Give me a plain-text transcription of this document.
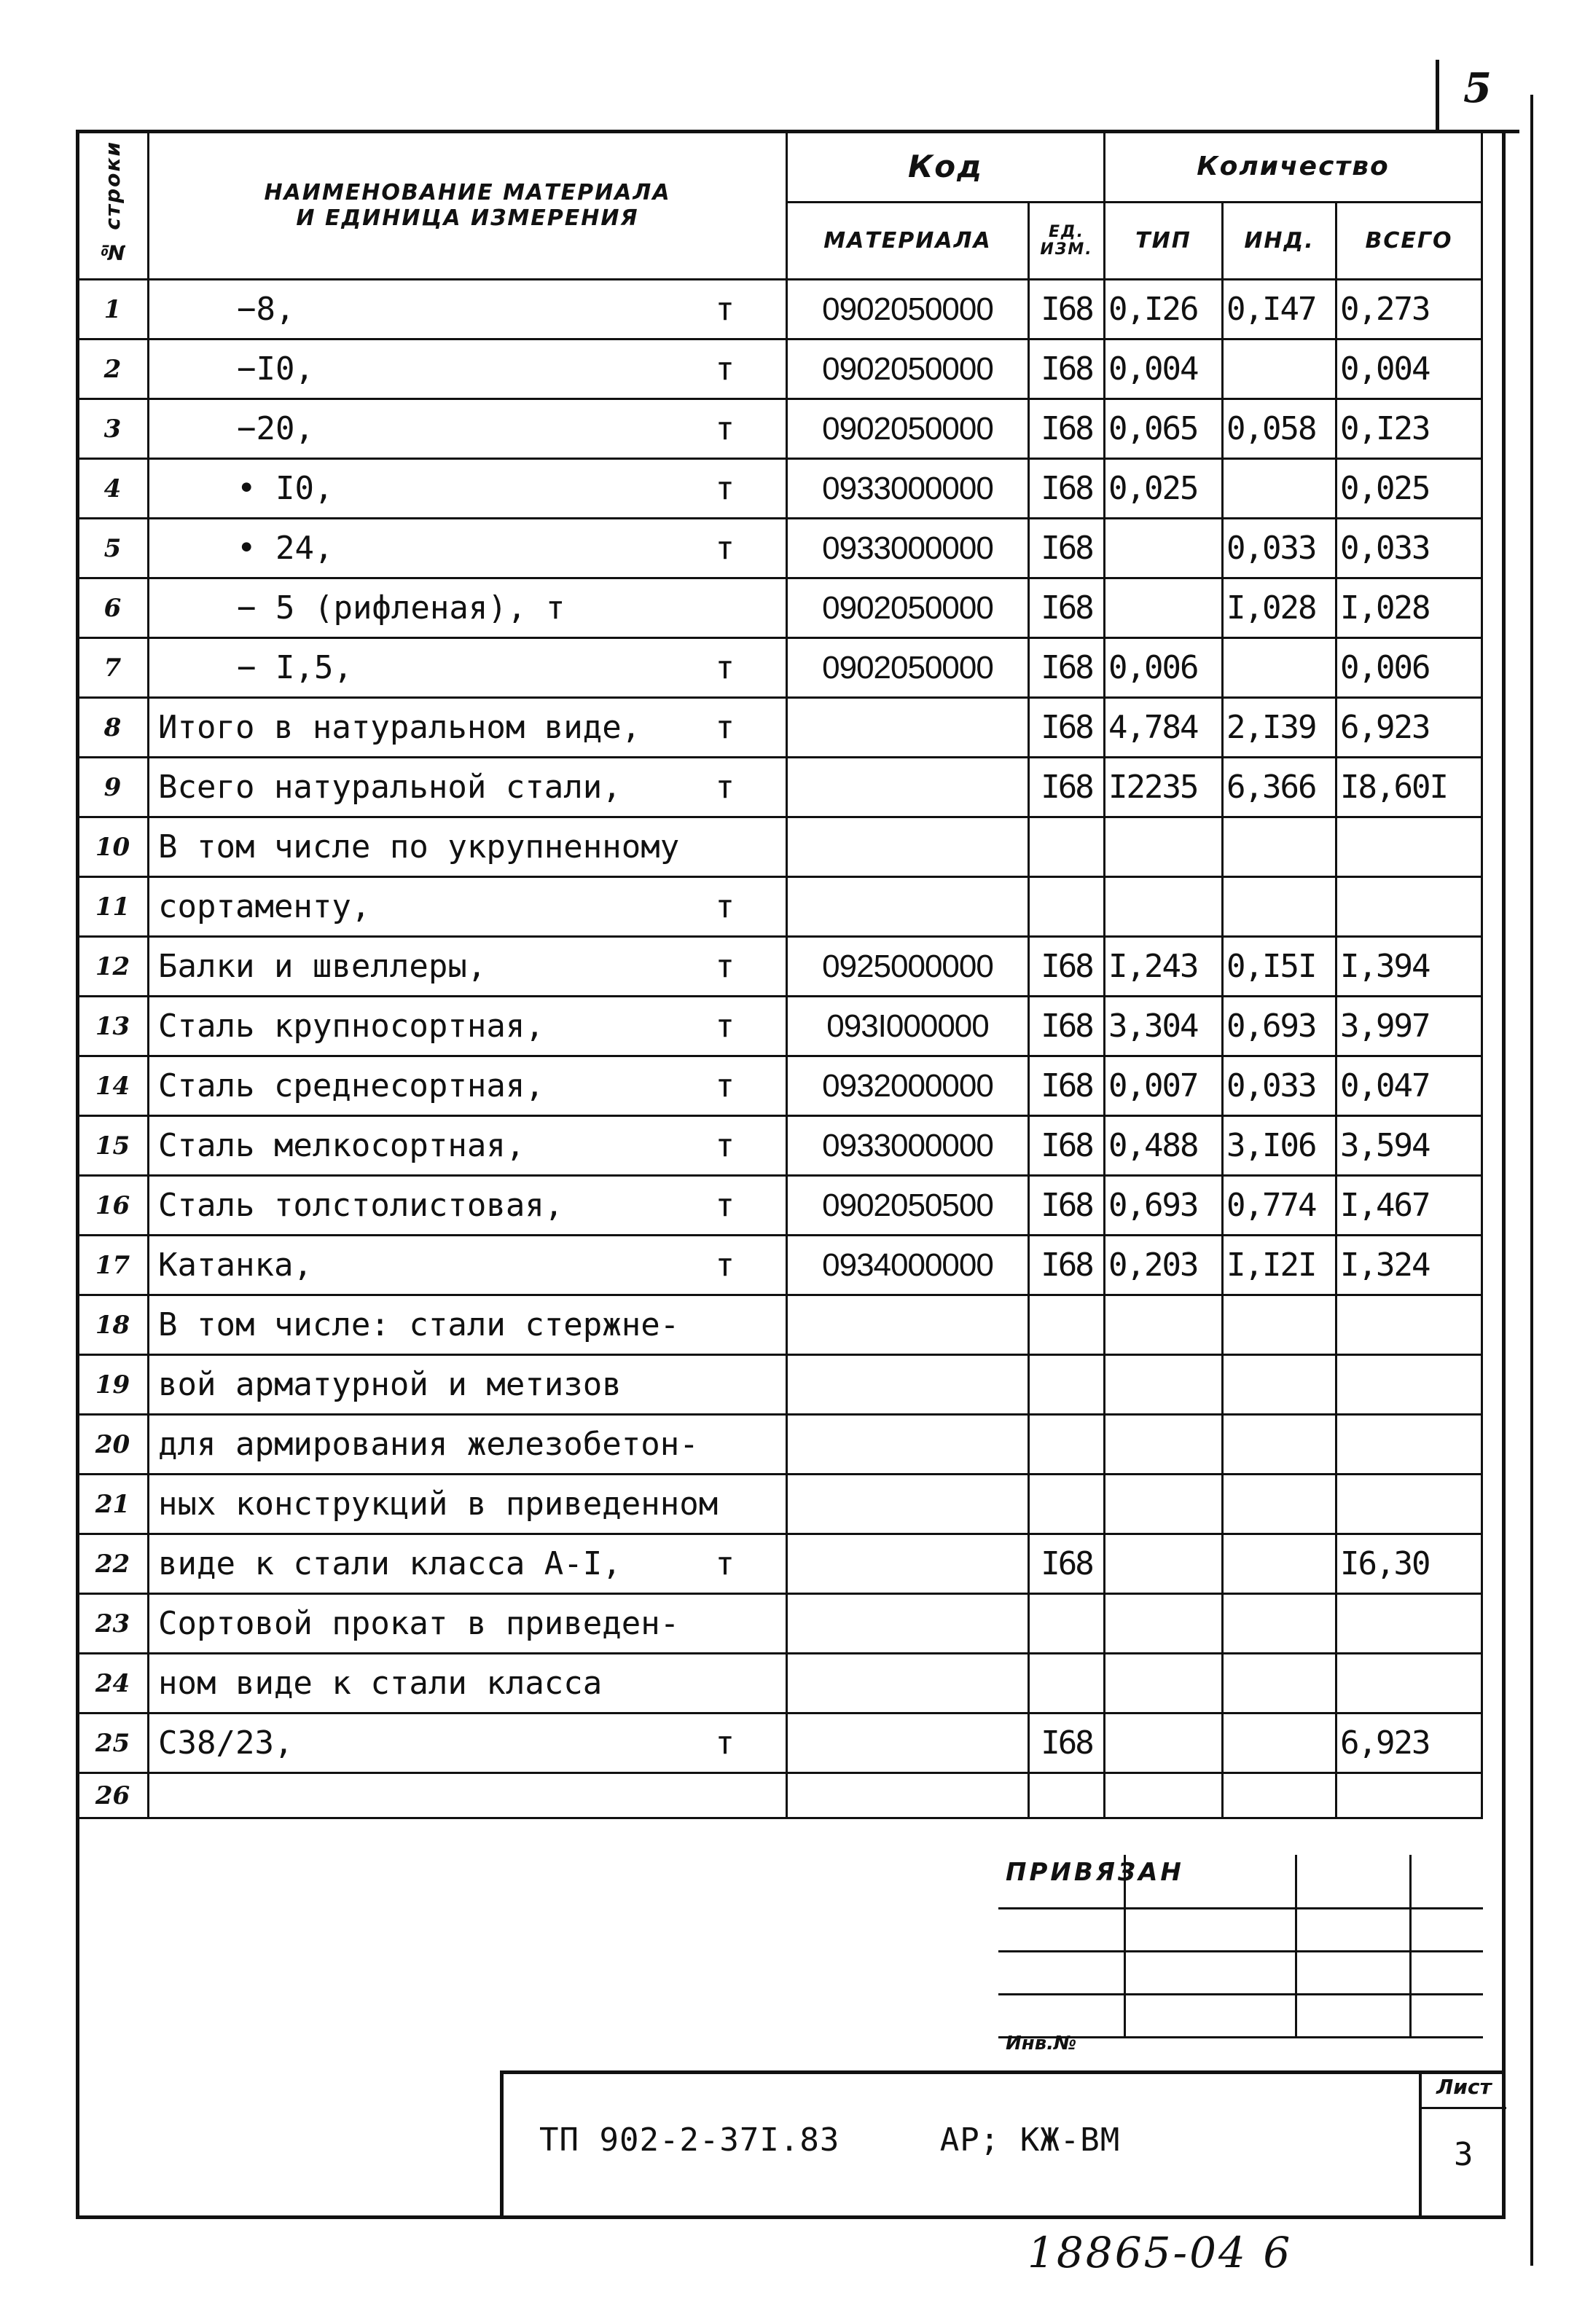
5
№ строки	НАИМЕНОВАНИЕ МАТЕРИАЛА
И ЕДИНИЦА ИЗМЕРЕНИЯ	Код		Количество		
		МАТЕРИАЛА	ЕД.
ИЗМ.	ТИП	ИНД.	ВСЕГО
1	−8, т	0902050000	I68	0,I26	0,I47	0,273
2	−I0, т	0902050000	I68	0,004		0,004
3	−20, т	0902050000	I68	0,065	0,058	0,I23
4	• I0, т	0933000000	I68	0,025		0,025
5	• 24, т	0933000000	I68		0,033	0,033
6	− 5 (рифленая), т	0902050000	I68		I,028	I,028
7	− I,5, т	0902050000	I68	0,006		0,006
8	Итого в натуральном виде, т		I68	4,784	2,I39	6,923
9	Всего натуральной стали, т		I68	I2235	6,366	I8,60I
10	В том числе по укрупненному

11	сортаменту, т					

12	Балки и швеллеры, т	0925000000	I68	I,243	0,I5I	I,394
13	Сталь крупносортная, т	093I000000	I68	3,304	0,693	3,997
14	Сталь среднесортная, т	0932000000	I68	0,007	0,033	0,047
15	Сталь мелкосортная, т	0933000000	I68	0,488	3,I06	3,594
16	Сталь толстолистовая, т	0902050500	I68	0,693	0,774	I,467
17	Катанка, т	0934000000	I68	0,203	I,I2I	I,324
18	В том числе: стали стержне-

19	вой арматурной и метизов

20	для армирования железобетон-

21	ных конструкций в приведенном

22	виде к стали класса А-I, т		I68			I6,30
23	Сортовой прокат в приведен-

24	ном виде к стали класса

25	С38/23, т		I68			6,923
26	

ПРИВЯЗАН

Инв.№
Лист
3
ТП 902-2-37I.83     АР; КЖ-ВМ
18865-04 6
